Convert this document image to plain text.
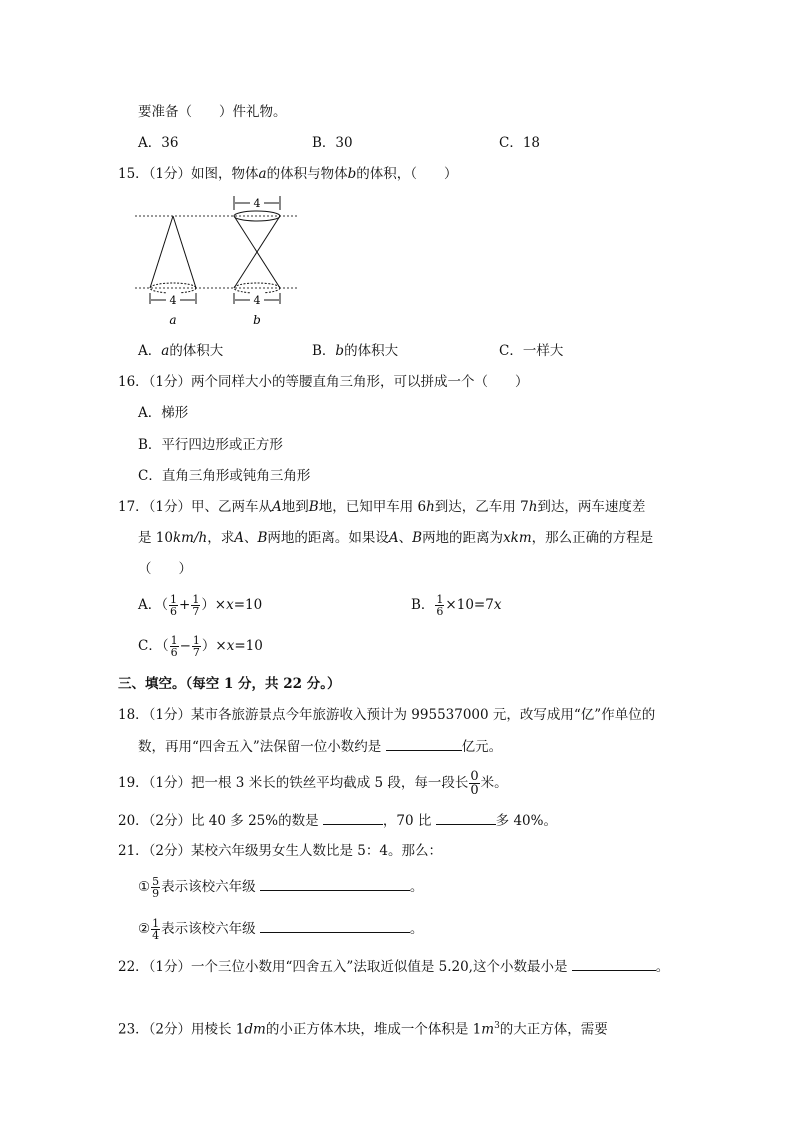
要准备（　　）件礼物。
A．36	B．30	C．18
15．（1分）如图，物体a的体积与物体b的体积，（　　）
4
a
4
4
b
A．a的体积大	B．b的体积大	C．一样大
16．（1分）两个同样大小的等腰直角三角形，可以拼成一个（　　）
A．梯形
B．平行四边形或正方形
C．直角三角形或钝角三角形
17．（1分）甲、乙两车从A地到B地，已知甲车用 6h到达，乙车用 7h到达，两车速度差
是 10km/h，求A、B两地的距离。如果设A、B两地的距离为xkm，那么正确的方程是
（　　）
A．（ $\frac{1}{6} + \frac{1}{7} )\times x=10$	B． $\frac{1}{6} \times 10=7x$
C．（ $\frac{1}{6} - \frac{1}{7} )\times x=10$
三、填空。（每空 1 分，共 22 分。）
18．（1分）某市各旅游景点今年旅游收入预计为 995537000 元，改写成用“亿”作单位的
数，再用“四舍五入”法保留一位小数约是	亿元。
19．（1分）把一根 3 米长的铁丝平均截成 5 段，每一段长 $\frac{0}{0}$ 米。
20．（2分）比 40 多 25%的数是	，70 比	多 40%。
21．（2分）某校六年级男女生人数比是 5：4。那么：
① $\frac{5}{9}$ 表示该校六年级	。
② $\frac{1}{4}$ 表示该校六年级	。
22．（1分）一个三位小数用“四舍五入”法取近似值是 5.20,这个小数最小是	。
23．（2分）用棱长 1dm的小正方体木块，堆成一个体积是 $1m^3$的大正方体，需要
